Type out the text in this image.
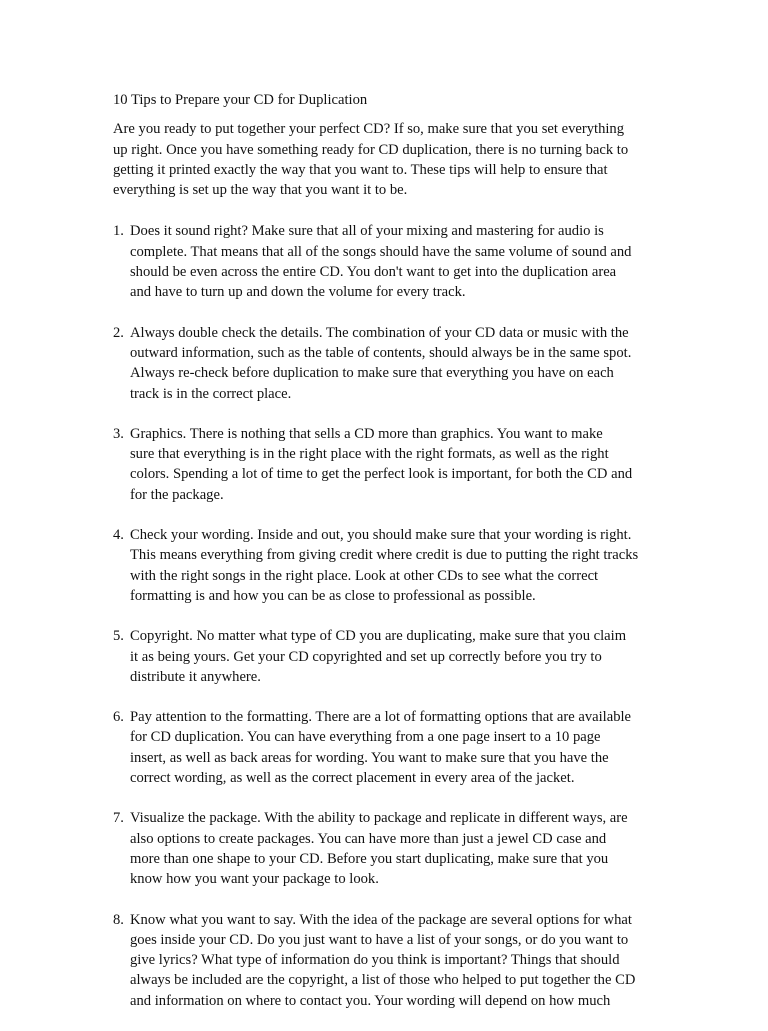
10 Tips to Prepare your CD for Duplication
Are you ready to put together your perfect CD? If so, make sure that you set everything
up right. Once you have something ready for CD duplication, there is no turning back to
getting it printed exactly the way that you want to. These tips will help to ensure that
everything is set up the way that you want it to be.
1. Does it sound right? Make sure that all of your mixing and mastering for audio is
complete. That means that all of the songs should have the same volume of sound and
should be even across the entire CD. You don't want to get into the duplication area
and have to turn up and down the volume for every track.
2. Always double check the details. The combination of your CD data or music with the
outward information, such as the table of contents, should always be in the same spot.
Always re-check before duplication to make sure that everything you have on each
track is in the correct place.
3. Graphics. There is nothing that sells a CD more than graphics. You want to make
sure that everything is in the right place with the right formats, as well as the right
colors. Spending a lot of time to get the perfect look is important, for both the CD and
for the package.
4. Check your wording. Inside and out, you should make sure that your wording is right.
This means everything from giving credit where credit is due to putting the right tracks
with the right songs in the right place. Look at other CDs to see what the correct
formatting is and how you can be as close to professional as possible.
5. Copyright. No matter what type of CD you are duplicating, make sure that you claim
it as being yours. Get your CD copyrighted and set up correctly before you try to
distribute it anywhere.
6. Pay attention to the formatting. There are a lot of formatting options that are available
for CD duplication. You can have everything from a one page insert to a 10 page
insert, as well as back areas for wording. You want to make sure that you have the
correct wording, as well as the correct placement in every area of the jacket.
7. Visualize the package. With the ability to package and replicate in different ways, are
also options to create packages. You can have more than just a jewel CD case and
more than one shape to your CD. Before you start duplicating, make sure that you
know how you want your package to look.
8. Know what you want to say. With the idea of the package are several options for what
goes inside your CD. Do you just want to have a list of your songs, or do you want to
give lyrics? What type of information do you think is important? Things that should
always be included are the copyright, a list of those who helped to put together the CD
and information on where to contact you. Your wording will depend on how much
